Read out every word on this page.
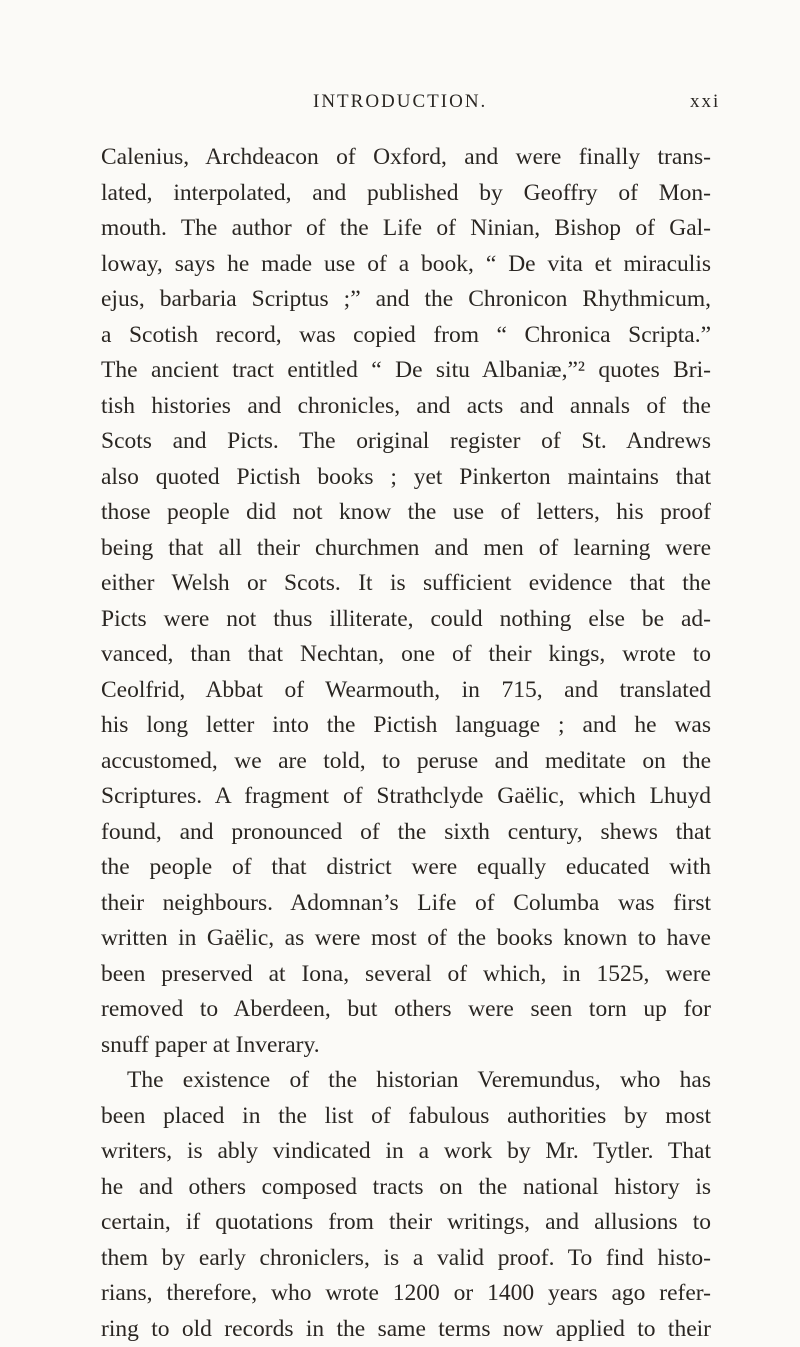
INTRODUCTION.	xxi
Calenius, Archdeacon of Oxford, and were finally trans-
lated, interpolated, and published by Geoffry of Mon-
mouth. The author of the Life of Ninian, Bishop of Gal-
loway, says he made use of a book, “ De vita et miraculis
ejus, barbaria Scriptus ;” and the Chronicon Rhythmicum,
a Scotish record, was copied from “ Chronica Scripta.”
The ancient tract entitled “ De situ Albaniæ,”² quotes Bri-
tish histories and chronicles, and acts and annals of the
Scots and Picts. The original register of St. Andrews
also quoted Pictish books ; yet Pinkerton maintains that
those people did not know the use of letters, his proof
being that all their churchmen and men of learning were
either Welsh or Scots. It is sufficient evidence that the
Picts were not thus illiterate, could nothing else be ad-
vanced, than that Nechtan, one of their kings, wrote to
Ceolfrid, Abbat of Wearmouth, in 715, and translated
his long letter into the Pictish language ; and he was
accustomed, we are told, to peruse and meditate on the
Scriptures. A fragment of Strathclyde Gaëlic, which Lhuyd
found, and pronounced of the sixth century, shews that
the people of that district were equally educated with
their neighbours. Adomnan’s Life of Columba was first
written in Gaëlic, as were most of the books known to have
been preserved at Iona, several of which, in 1525, were
removed to Aberdeen, but others were seen torn up for
snuff paper at Inverary.
The existence of the historian Veremundus, who has
been placed in the list of fabulous authorities by most
writers, is ably vindicated in a work by Mr. Tytler. That
he and others composed tracts on the national history is
certain, if quotations from their writings, and allusions to
them by early chroniclers, is a valid proof. To find histo-
rians, therefore, who wrote 1200 or 1400 years ago refer-
ring to old records in the same terms now applied to their
